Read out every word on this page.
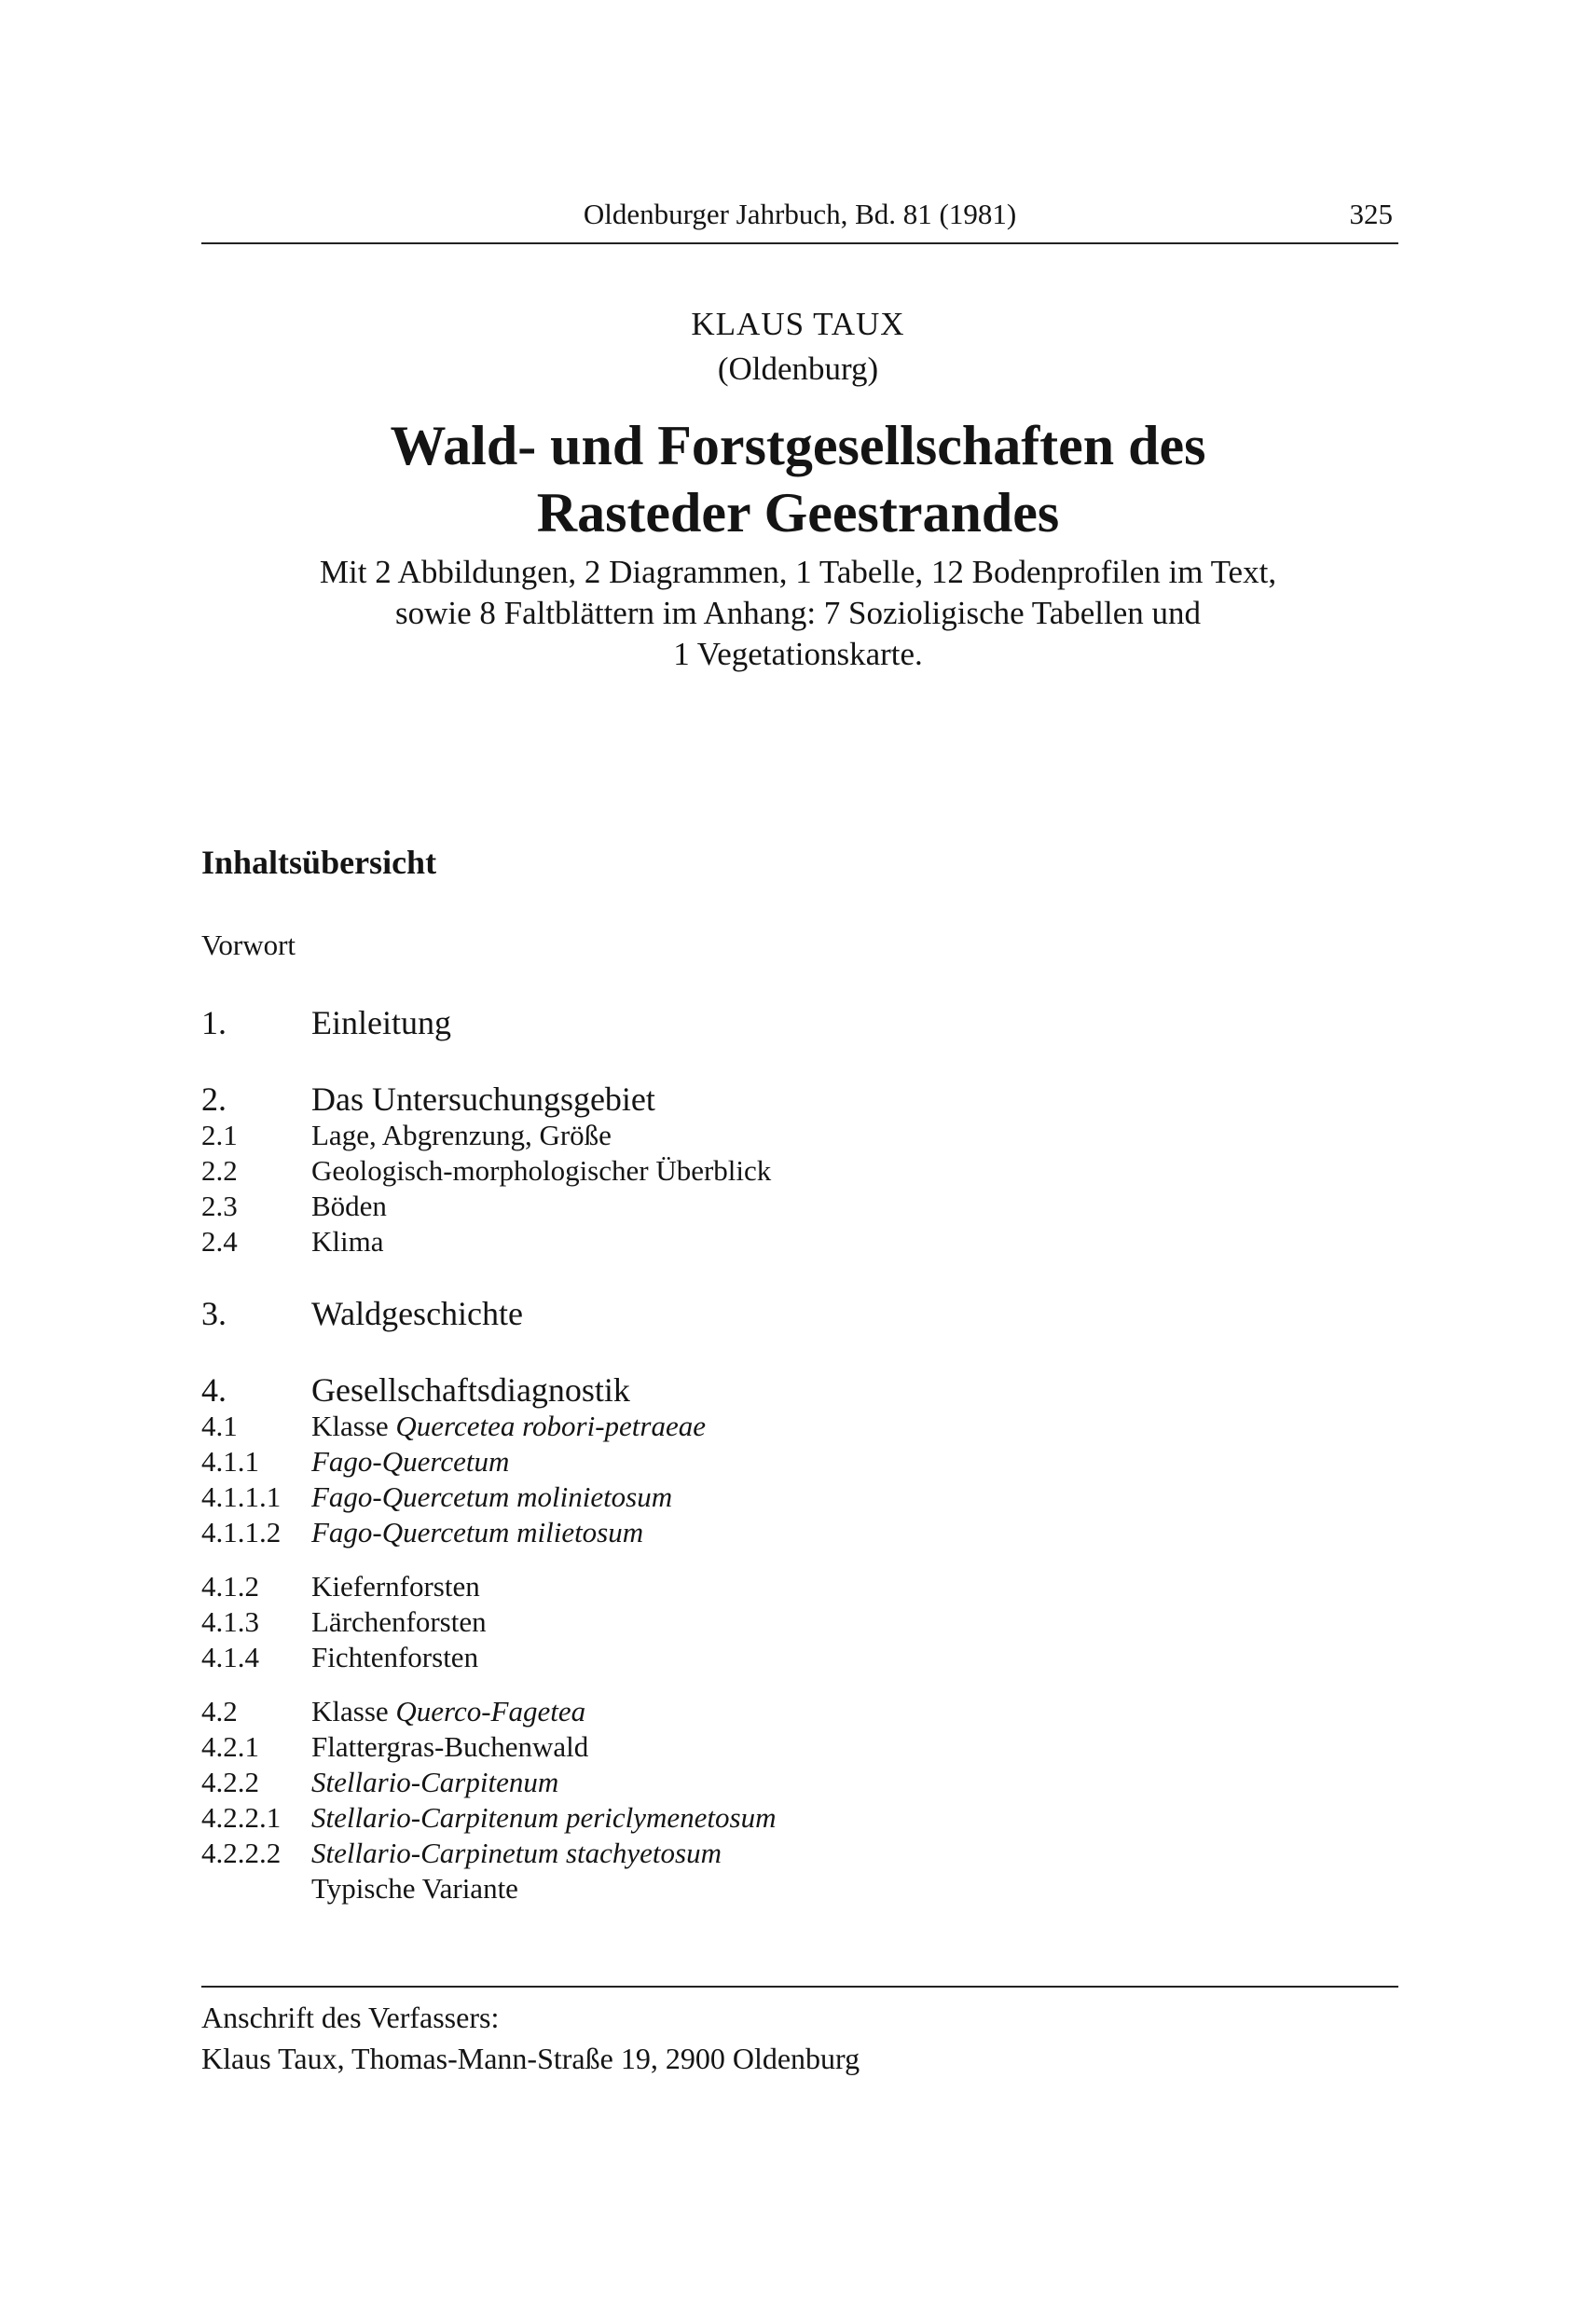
Oldenburger Jahrbuch, Bd. 81 (1981)	325
KLAUS TAUX
(Oldenburg)
Wald- und Forstgesellschaften des
Rasteder Geestrandes
Mit 2 Abbildungen, 2 Diagrammen, 1 Tabelle, 12 Bodenprofilen im Text,
sowie 8 Faltblättern im Anhang: 7 Sozioligische Tabellen und
1 Vegetationskarte.
Inhaltsübersicht
Vorwort
1.	Einleitung
2.	Das Untersuchungsgebiet
2.1	Lage, Abgrenzung, Größe
2.2	Geologisch-morphologischer Überblick
2.3	Böden
2.4	Klima
3.	Waldgeschichte
4.	Gesellschaftsdiagnostik
4.1	Klasse Quercetea robori-petraeae
4.1.1 Fago-Quercetum
4.1.1.1 Fago-Quercetum molinietosum
4.1.1.2 Fago-Quercetum milietosum
4.1.2 Kiefernforsten
4.1.3 Lärchenforsten
4.1.4 Fichtenforsten
4.2	Klasse Querco-Fagetea
4.2.1 Flattergras-Buchenwald
4.2.2 Stellario-Carpitenum
4.2.2.1 Stellario-Carpitenum periclymenetosum
4.2.2.2 Stellario-Carpinetum stachyetosum
Typische Variante
Anschrift des Verfassers:
Klaus Taux, Thomas-Mann-Straße 19, 2900 Oldenburg
